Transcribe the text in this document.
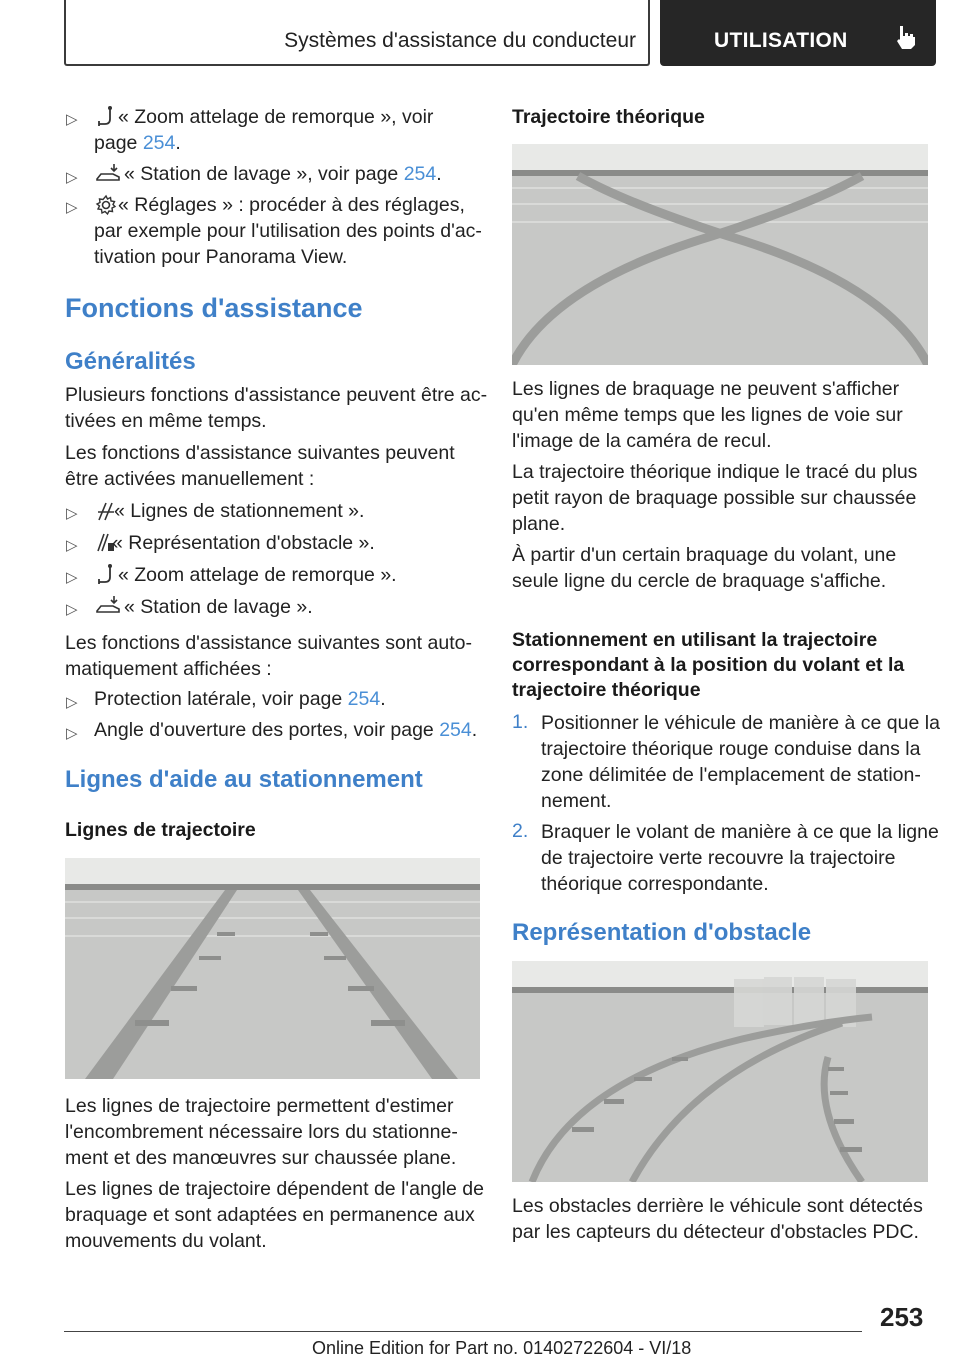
Systèmes d'assistance du conducteur	UTILISATION
▷ « Zoom attelage de remorque », voir
page 254.
▷ « Station de lavage », voir page 254.
▷ « Réglages » : procéder à des réglages,
par exemple pour l'utilisation des points d'ac-
tivation pour Panorama View.
Fonctions d'assistance
Généralités
Plusieurs fonctions d'assistance peuvent être ac-
tivées en même temps.
Les fonctions d'assistance suivantes peuvent
être activées manuellement :
▷ « Lignes de stationnement ».
▷ « Représentation d'obstacle ».
▷ « Zoom attelage de remorque ».
▷ « Station de lavage ».
Les fonctions d'assistance suivantes sont auto-
matiquement affichées :
▷ Protection latérale, voir page 254.
▷ Angle d'ouverture des portes, voir page 254.
Lignes d'aide au stationnement
Lignes de trajectoire
Les lignes de trajectoire permettent d'estimer
l'encombrement nécessaire lors du stationne-
ment et des manœuvres sur chaussée plane.
Les lignes de trajectoire dépendent de l'angle de
braquage et sont adaptées en permanence aux
mouvements du volant.
Trajectoire théorique
Les lignes de braquage ne peuvent s'afficher
qu'en même temps que les lignes de voie sur
l'image de la caméra de recul.
La trajectoire théorique indique le tracé du plus
petit rayon de braquage possible sur chaussée
plane.
À partir d'un certain braquage du volant, une
seule ligne du cercle de braquage s'affiche.
Stationnement en utilisant la trajectoire
correspondant à la position du volant et la
trajectoire théorique
1. Positionner le véhicule de manière à ce que la
trajectoire théorique rouge conduise dans la
zone délimitée de l'emplacement de station-
nement.
2. Braquer le volant de manière à ce que la ligne
de trajectoire verte recouvre la trajectoire
théorique correspondante.
Représentation d'obstacle
Les obstacles derrière le véhicule sont détectés
par les capteurs du détecteur d'obstacles PDC.
253
Online Edition for Part no. 01402722604 - VI/18
